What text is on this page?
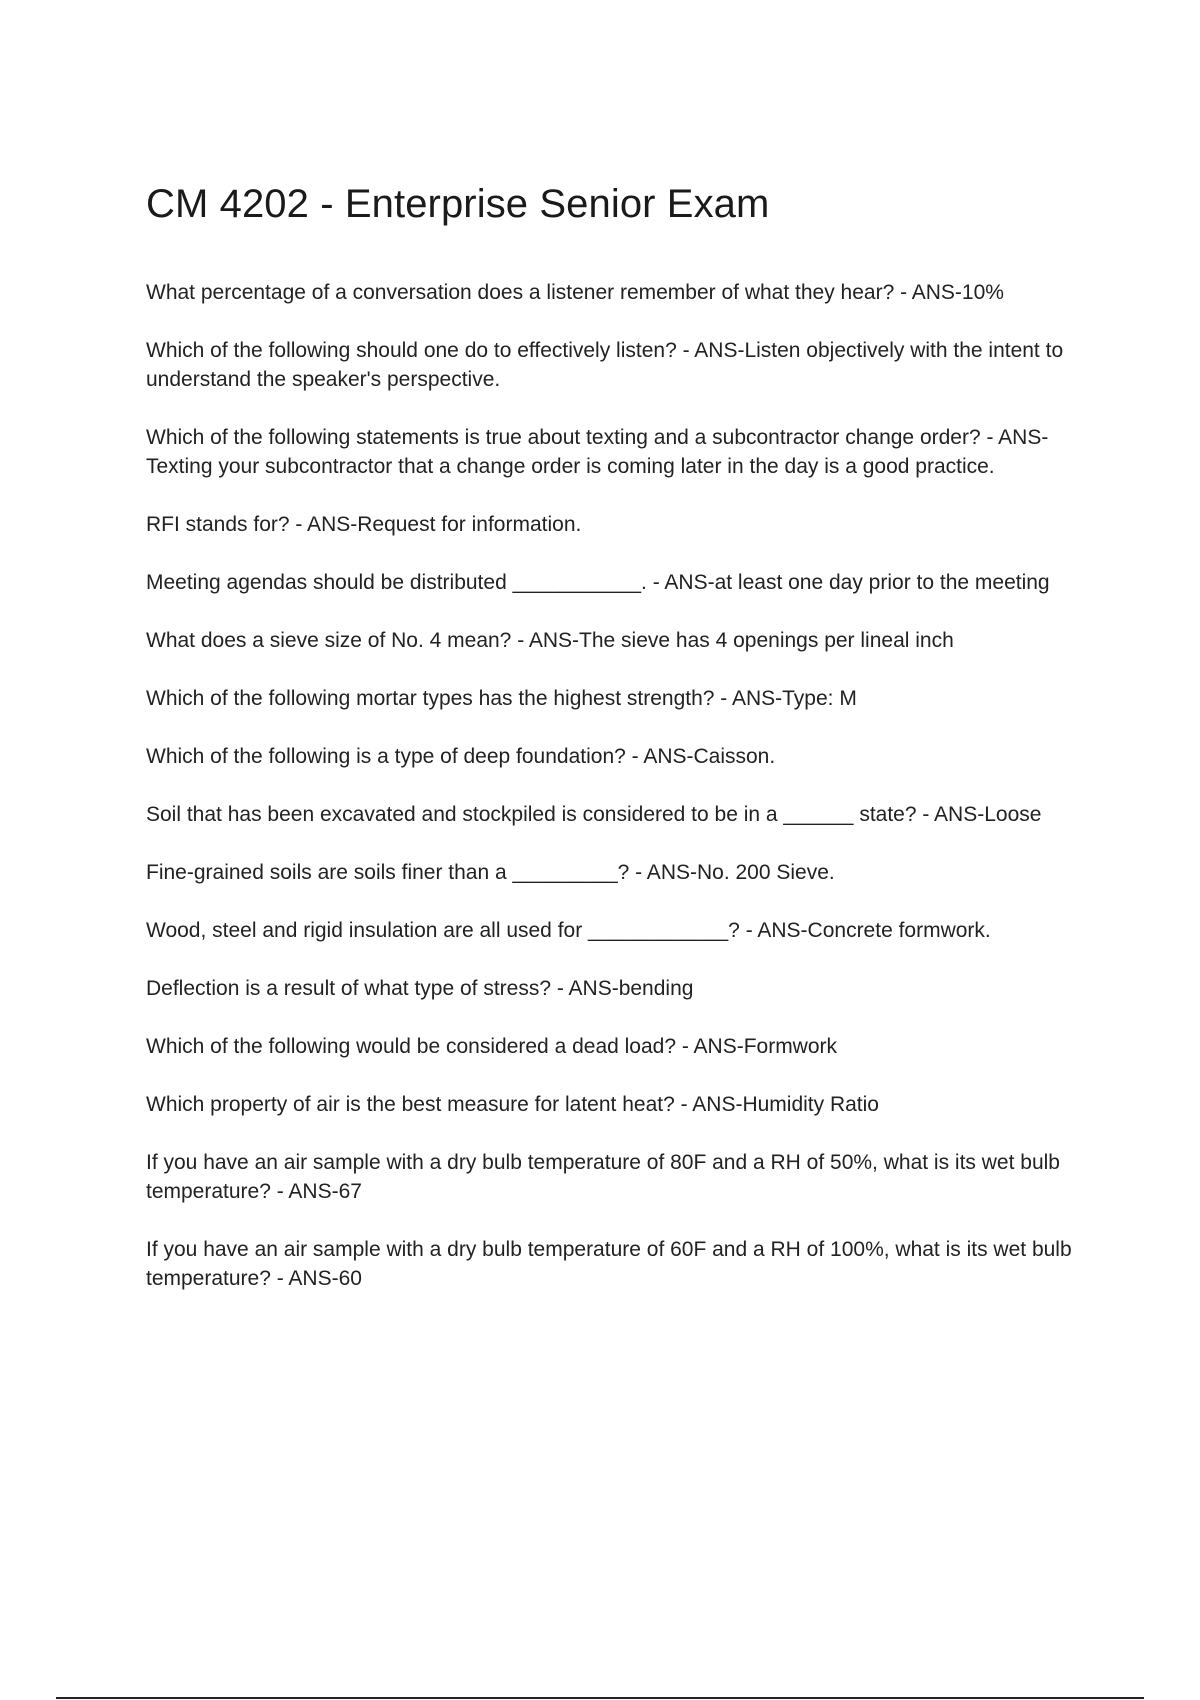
CM 4202 - Enterprise Senior Exam
What percentage of a conversation does a listener remember of what they hear? - ANS-10%
Which of the following should one do to effectively listen? - ANS-Listen objectively with the intent to understand the speaker's perspective.
Which of the following statements is true about texting and a subcontractor change order? - ANS-Texting your subcontractor that a change order is coming later in the day is a good practice.
RFI stands for? - ANS-Request for information.
Meeting agendas should be distributed ___________. - ANS-at least one day prior to the meeting
What does a sieve size of No. 4 mean? - ANS-The sieve has 4 openings per lineal inch
Which of the following mortar types has the highest strength? - ANS-Type: M
Which of the following is a type of deep foundation? - ANS-Caisson.
Soil that has been excavated and stockpiled is considered to be in a ______ state? - ANS-Loose
Fine-grained soils are soils finer than a _________? - ANS-No. 200 Sieve.
Wood, steel and rigid insulation are all used for ____________? - ANS-Concrete formwork.
Deflection is a result of what type of stress? - ANS-bending
Which of the following would be considered a dead load? - ANS-Formwork
Which property of air is the best measure for latent heat? - ANS-Humidity Ratio
If you have an air sample with a dry bulb temperature of 80F and a RH of 50%, what is its wet bulb temperature? - ANS-67
If you have an air sample with a dry bulb temperature of 60F and a RH of 100%, what is its wet bulb temperature? - ANS-60
